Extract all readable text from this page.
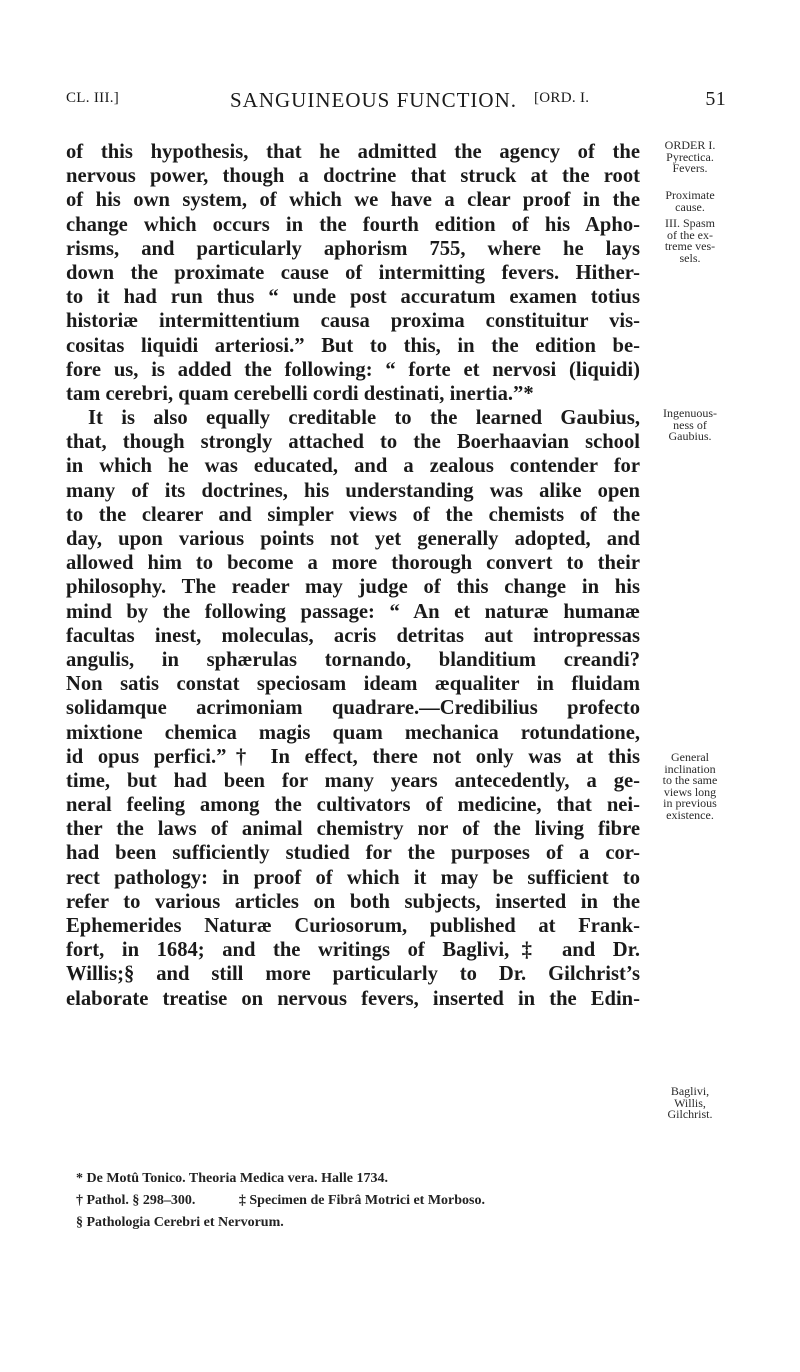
CL. III.]	SANGUINEOUS FUNCTION. [ORD. I.	51
of this hypothesis, that he admitted the agency of the
nervous power, though a doctrine that struck at the root
of his own system, of which we have a clear proof in the
change which occurs in the fourth edition of his Apho-
risms, and particularly aphorism 755, where he lays
down the proximate cause of intermitting fevers. Hither-
to it had run thus “ unde post accuratum examen totius
historiæ intermittentium causa proxima constituitur vis-
cositas liquidi arteriosi.” But to this, in the edition be-
fore us, is added the following: “ forte et nervosi (liquidi)
tam cerebri, quam cerebelli cordi destinati, inertia.”*
It is also equally creditable to the learned Gaubius,
that, though strongly attached to the Boerhaavian school
in which he was educated, and a zealous contender for
many of its doctrines, his understanding was alike open
to the clearer and simpler views of the chemists of the
day, upon various points not yet generally adopted, and
allowed him to become a more thorough convert to their
philosophy. The reader may judge of this change in his
mind by the following passage: “ An et naturæ humanæ
facultas inest, moleculas, acris detritas aut intropressas
angulis, in sphærulas tornando, blanditium creandi?
Non satis constat speciosam ideam æqualiter in fluidam
solidamque acrimoniam quadrare.—Credibilius profecto
mixtione chemica magis quam mechanica rotundatione,
id opus perfici.”† In effect, there not only was at this
time, but had been for many years antecedently, a ge-
neral feeling among the cultivators of medicine, that nei-
ther the laws of animal chemistry nor of the living fibre
had been sufficiently studied for the purposes of a cor-
rect pathology: in proof of which it may be sufficient to
refer to various articles on both subjects, inserted in the
Ephemerides Naturæ Curiosorum, published at Frank-
fort, in 1684; and the writings of Baglivi,‡ and Dr.
Willis;§ and still more particularly to Dr. Gilchrist’s
elaborate treatise on nervous fevers, inserted in the Edin-
ORDER I.
Pyrectica.
Fevers.
Proximate
cause.
III. Spasm
of the ex-
treme ves-
sels.
Ingenuous-
ness of
Gaubius.
General
inclination
to the same
views long
in previous
existence.
Baglivi,
Willis,
Gilchrist.
* De Motû Tonico. Theoria Medica vera. Halle 1734.
† Pathol. § 298–300.	‡ Specimen de Fibrâ Motrici et Morboso.
§ Pathologia Cerebri et Nervorum.
